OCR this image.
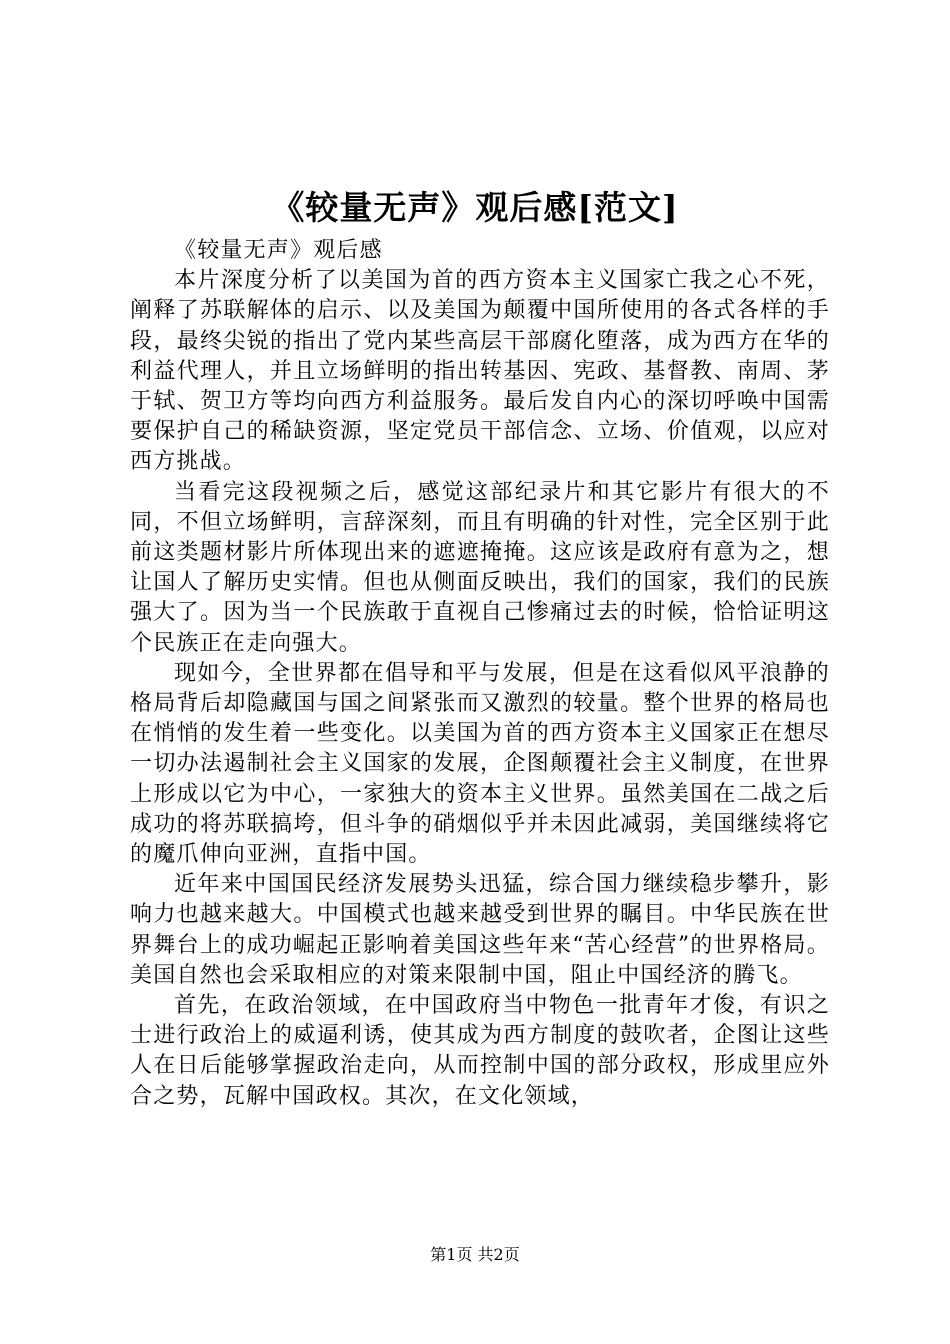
《较量无声》观后感[范文]

《较量无声》观后感

本片深度分析了以美国为首的西方资本主义国家亡我之心不死，阐释了苏联解体的启示、以及美国为颠覆中国所使用的各式各样的手段，最终尖锐的指出了党内某些高层干部腐化堕落，成为西方在华的利益代理人，并且立场鲜明的指出转基因、宪政、基督教、南周、茅于轼、贺卫方等均向西方利益服务。最后发自内心的深切呼唤中国需要保护自己的稀缺资源，坚定党员干部信念、立场、价值观，以应对西方挑战。

当看完这段视频之后，感觉这部纪录片和其它影片有很大的不同，不但立场鲜明，言辞深刻，而且有明确的针对性，完全区别于此前这类题材影片所体现出来的遮遮掩掩。这应该是政府有意为之，想让国人了解历史实情。但也从侧面反映出，我们的国家，我们的民族强大了。因为当一个民族敢于直视自己惨痛过去的时候，恰恰证明这个民族正在走向强大。

现如今，全世界都在倡导和平与发展，但是在这看似风平浪静的格局背后却隐藏国与国之间紧张而又激烈的较量。整个世界的格局也在悄悄的发生着一些变化。以美国为首的西方资本主义国家正在想尽一切办法遏制社会主义国家的发展，企图颠覆社会主义制度，在世界上形成以它为中心，一家独大的资本主义世界。虽然美国在二战之后成功的将苏联搞垮，但斗争的硝烟似乎并未因此减弱，美国继续将它的魔爪伸向亚洲，直指中国。

近年来中国国民经济发展势头迅猛，综合国力继续稳步攀升，影响力也越来越大。中国模式也越来越受到世界的瞩目。中华民族在世界舞台上的成功崛起正影响着美国这些年来“苦心经营”的世界格局。美国自然也会采取相应的对策来限制中国，阻止中国经济的腾飞。

首先，在政治领域，在中国政府当中物色一批青年才俊，有识之士进行政治上的威逼利诱，使其成为西方制度的鼓吹者，企图让这些人在日后能够掌握政治走向，从而控制中国的部分政权，形成里应外合之势，瓦解中国政权。其次，在文化领域，

第1页 共2页
